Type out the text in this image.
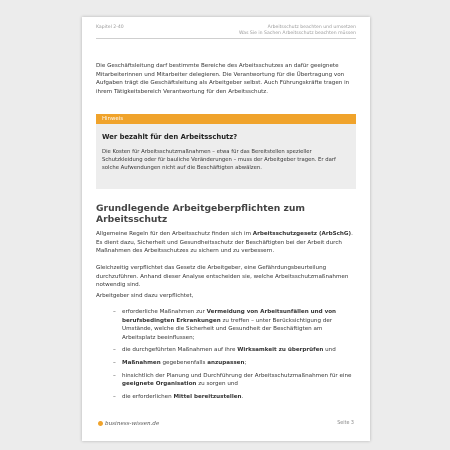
Kapitel 2-40	Arbeitsschutz beachten und umsetzen
Was Sie in Sachen Arbeitsschutz beachten müssen
Die Geschäftsleitung darf bestimmte Bereiche des Arbeitsschutzes an dafür geeignete Mitarbeiterinnen und Mitarbeiter delegieren. Die Verantwortung für die Übertragung von Aufgaben trägt die Geschäftsleitung als Arbeitgeber selbst. Auch Führungskräfte tragen in ihrem Tätigkeitsbereich Verantwortung für den Arbeitsschutz.
Hinweis
Wer bezahlt für den Arbeitsschutz?
Die Kosten für Arbeitsschutzmaßnahmen – etwa für das Bereitstellen spezieller Schutzkleidung oder für bauliche Veränderungen – muss der Arbeitgeber tragen. Er darf solche Aufwendungen nicht auf die Beschäftigten abwälzen.
Grundlegende Arbeitgeberpflichten zum Arbeitsschutz
Allgemeine Regeln für den Arbeitsschutz finden sich im Arbeitsschutzgesetz (ArbSchG). Es dient dazu, Sicherheit und Gesundheitsschutz der Beschäftigten bei der Arbeit durch Maßnahmen des Arbeitsschutzes zu sichern und zu verbessern.
Gleichzeitig verpflichtet das Gesetz die Arbeitgeber, eine Gefährdungsbeurteilung durchzuführen. Anhand dieser Analyse entscheiden sie, welche Arbeitsschutzmaßnahmen notwendig sind.
Arbeitgeber sind dazu verpflichtet,
– erforderliche Maßnahmen zur Vermeidung von Arbeitsunfällen und von berufsbedingten Erkrankungen zu treffen – unter Berücksichtigung der Umstände, welche die Sicherheit und Gesundheit der Beschäftigten am Arbeitsplatz beeinflussen;
– die durchgeführten Maßnahmen auf ihre Wirksamkeit zu überprüfen und
– Maßnahmen gegebenenfalls anzupassen;
– hinsichtlich der Planung und Durchführung der Arbeitsschutzmaßnahmen für eine geeignete Organisation zu sorgen und
– die erforderlichen Mittel bereitzustellen.
business-wissen.de	Seite 3
